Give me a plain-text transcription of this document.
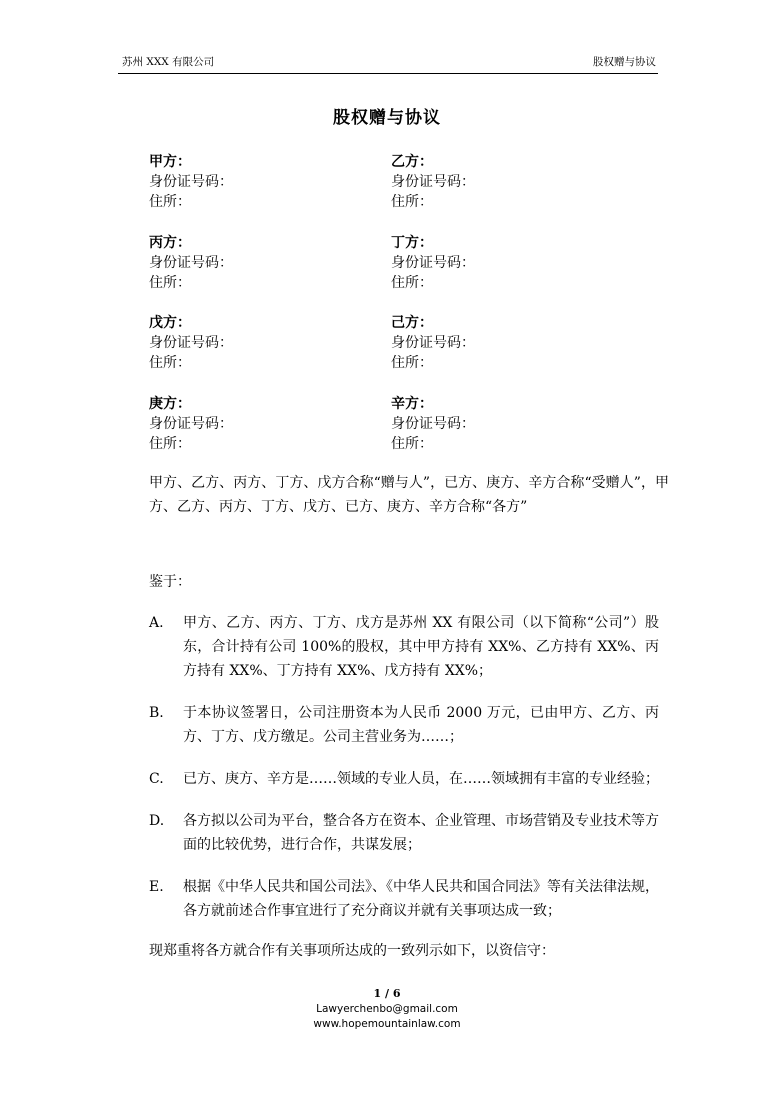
苏州 XXX 有限公司	股权赠与协议
股权赠与协议
甲方：
身份证号码：
住所：
乙方：
身份证号码：
住所：
丙方：
身份证号码：
住所：
丁方：
身份证号码：
住所：
戊方：
身份证号码：
住所：
己方：
身份证号码：
住所：
庚方：
身份证号码：
住所：
辛方：
身份证号码：
住所：
甲方、乙方、丙方、丁方、戊方合称“赠与人”，已方、庚方、辛方合称“受赠人”，甲方、乙方、丙方、丁方、戊方、已方、庚方、辛方合称“各方”
鉴于：
A.	甲方、乙方、丙方、丁方、戊方是苏州 XX 有限公司（以下简称“公司”）股东，合计持有公司 100%的股权，其中甲方持有 XX%、乙方持有 XX%、丙方持有 XX%、丁方持有 XX%、戊方持有 XX%；
B.	于本协议签署日，公司注册资本为人民币 2000 万元，已由甲方、乙方、丙方、丁方、戊方缴足。公司主营业务为……；
C.	已方、庚方、辛方是……领域的专业人员，在……领域拥有丰富的专业经验；
D.	各方拟以公司为平台，整合各方在资本、企业管理、市场营销及专业技术等方面的比较优势，进行合作，共谋发展；
E.	根据《中华人民共和国公司法》、《中华人民共和国合同法》等有关法律法规，各方就前述合作事宜进行了充分商议并就有关事项达成一致；
现郑重将各方就合作有关事项所达成的一致列示如下，以资信守：
1 / 6
Lawyerchenbo@gmail.com
www.hopemountainlaw.com
